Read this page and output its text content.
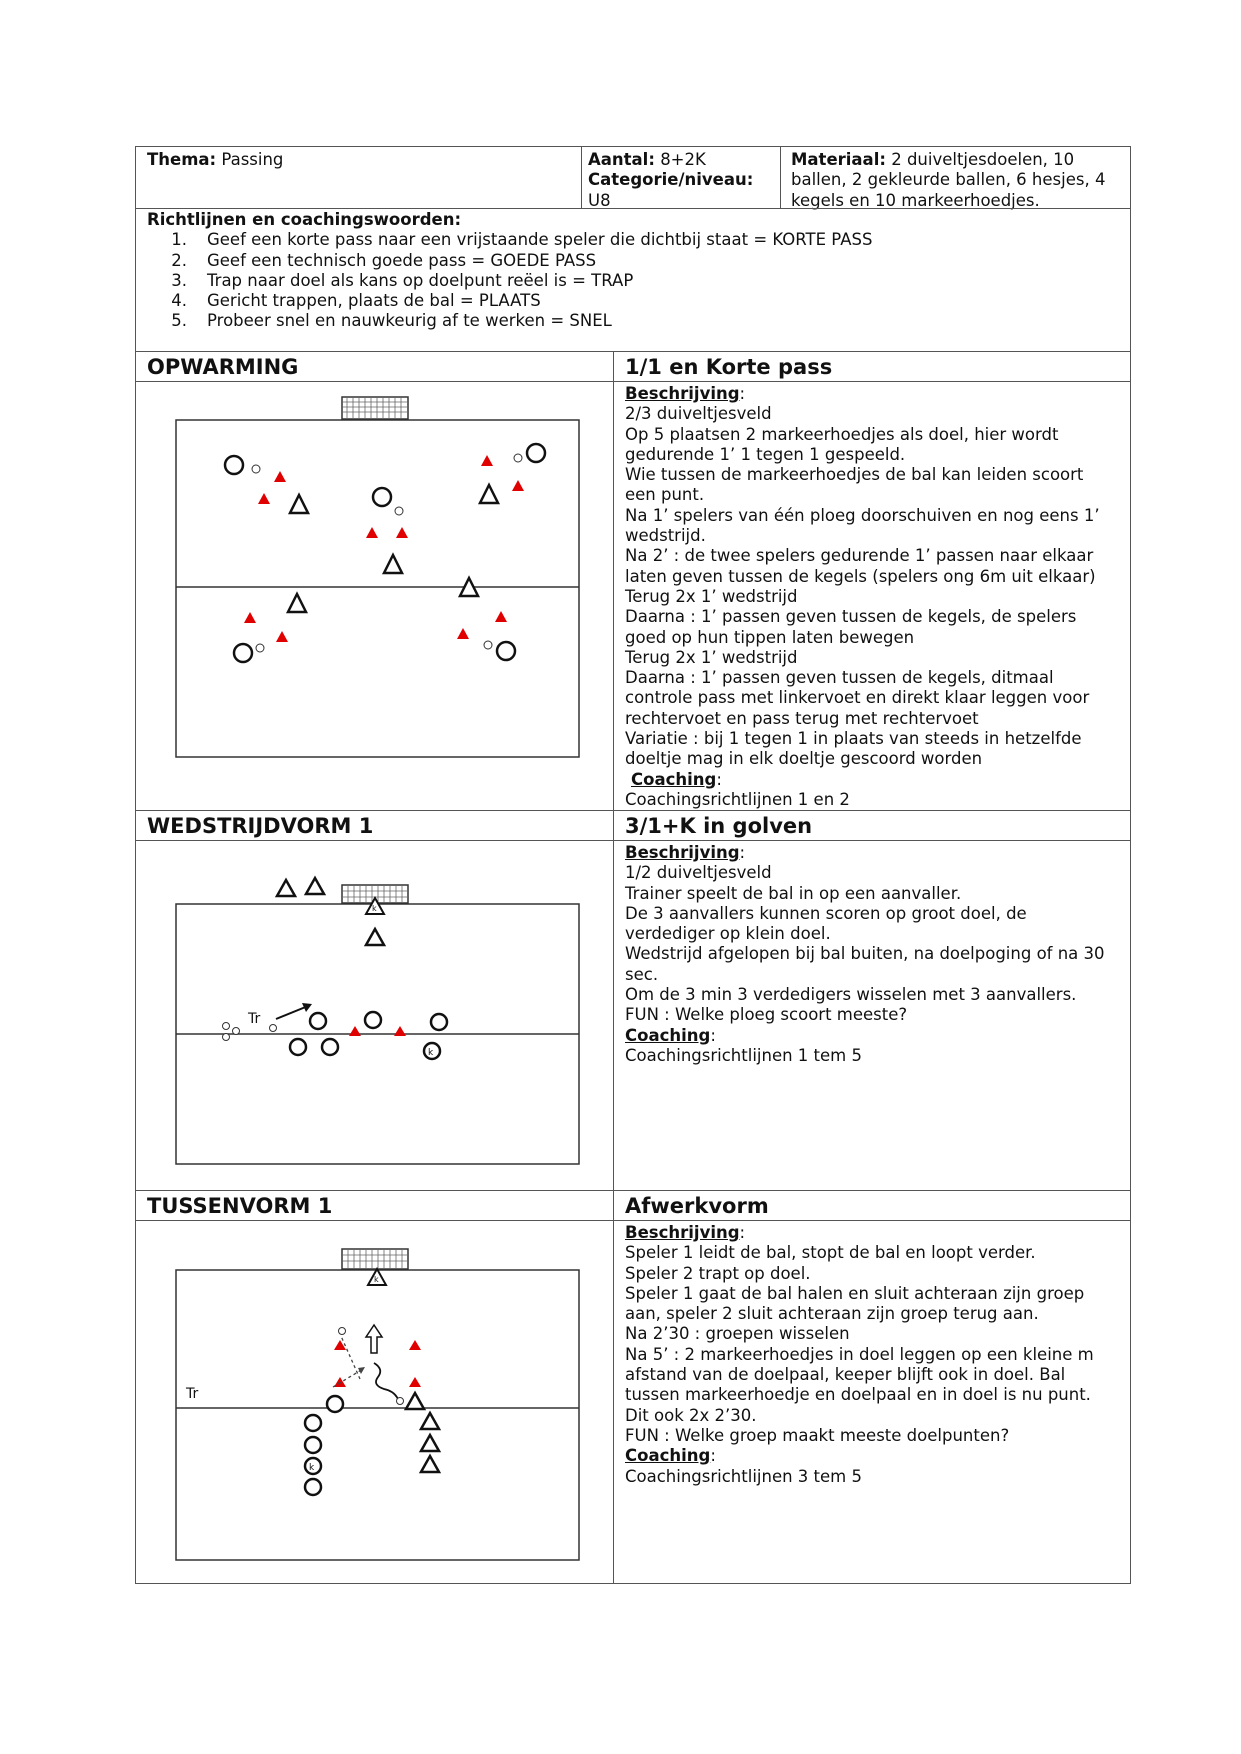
Thema: Passing	Aantal: 8+2K
Categorie/niveau:
U8
Materiaal: 2 duiveltjesdoelen, 10
ballen, 2 gekleurde ballen, 6 hesjes, 4
kegels en 10 markeerhoedjes.
Richtlijnen en coachingswoorden:
1.	Geef een korte pass naar een vrijstaande speler die dichtbij staat = KORTE PASS
2.	Geef een technisch goede pass = GOEDE PASS
3.	Trap naar doel als kans op doelpunt reëel is = TRAP
4.	Gericht trappen, plaats de bal = PLAATS
5.	Probeer snel en nauwkeurig af te werken = SNEL
OPWARMING	1/1 en Korte pass
Beschrijving:
2/3 duiveltjesveld
Op 5 plaatsen 2 markeerhoedjes als doel, hier wordt
gedurende 1’ 1 tegen 1 gespeeld.
Wie tussen de markeerhoedjes de bal kan leiden scoort
een punt.
Na 1’ spelers van één ploeg doorschuiven en nog eens 1’
wedstrijd.
Na 2’ : de twee spelers gedurende 1’ passen naar elkaar
laten geven tussen de kegels (spelers ong 6m uit elkaar)
Terug 2x 1’ wedstrijd
Daarna : 1’ passen geven tussen de kegels, de spelers
goed op hun tippen laten bewegen
Terug 2x 1’ wedstrijd
Daarna : 1’ passen geven tussen de kegels, ditmaal
controle pass met linkervoet en direkt klaar leggen voor
rechtervoet en pass terug met rechtervoet
Variatie : bij 1 tegen 1 in plaats van steeds in hetzelfde
doeltje mag in elk doeltje gescoord worden
Coaching:
Coachingsrichtlijnen 1 en 2
WEDSTRIJDVORM 1	3/1+K in golven
k
Tr
k
Beschrijving:
1/2 duiveltjesveld
Trainer speelt de bal in op een aanvaller.
De 3 aanvallers kunnen scoren op groot doel, de
verdediger op klein doel.
Wedstrijd afgelopen bij bal buiten, na doelpoging of na 30
sec.
Om de 3 min 3 verdedigers wisselen met 3 aanvallers.
FUN : Welke ploeg scoort meeste?
Coaching:
Coachingsrichtlijnen 1 tem 5
TUSSENVORM 1	Afwerkvorm
k
Tr
k
Beschrijving:
Speler 1 leidt de bal, stopt de bal en loopt verder.
Speler 2 trapt op doel.
Speler 1 gaat de bal halen en sluit achteraan zijn groep
aan, speler 2 sluit achteraan zijn groep terug aan.
Na 2’30 : groepen wisselen
Na 5’ : 2 markeerhoedjes in doel leggen op een kleine m
afstand van de doelpaal, keeper blijft ook in doel. Bal
tussen markeerhoedje en doelpaal en in doel is nu punt.
Dit ook 2x 2’30.
FUN : Welke groep maakt meeste doelpunten?
Coaching:
Coachingsrichtlijnen 3 tem 5
